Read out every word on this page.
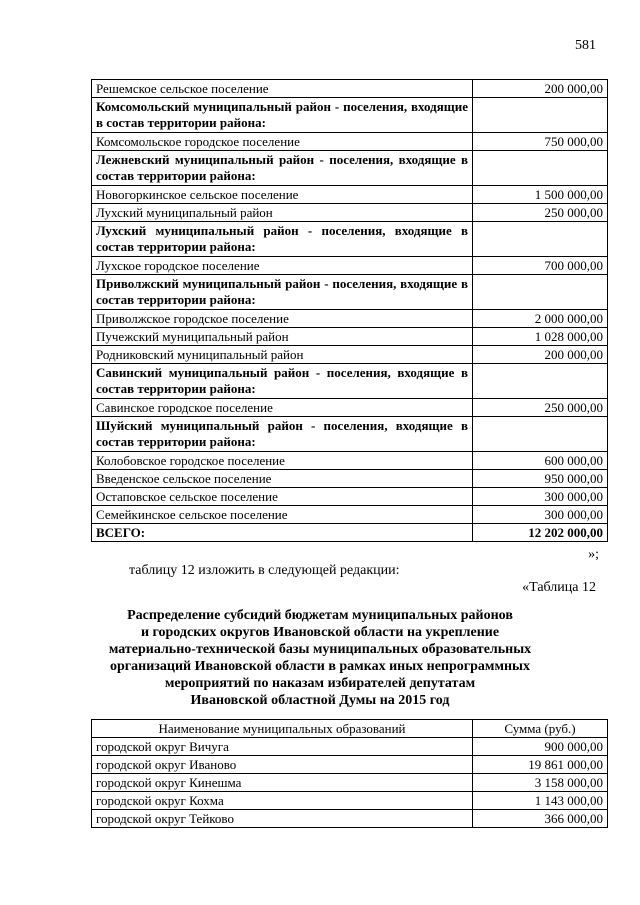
581
Решемское сельское поселение	200 000,00
Комсомольский муниципальный район - поселения, входящие в состав территории района:	
Комсомольское городское поселение	750 000,00
Лежневский муниципальный район - поселения, входящие в состав территории района:	
Новогоркинское сельское поселение	1 500 000,00
Лухский муниципальный район	250 000,00
Лухский муниципальный район - поселения, входящие в состав территории района:	
Лухское городское поселение	700 000,00
Приволжский муниципальный район - поселения, входящие в состав территории района:	
Приволжское городское поселение	2 000 000,00
Пучежский муниципальный район	1 028 000,00
Родниковский муниципальный район	200 000,00
Савинский муниципальный район - поселения, входящие в состав территории района:	
Савинское городское поселение	250 000,00
Шуйский муниципальный район - поселения, входящие в состав территории района:	
Колобовское городское поселение	600 000,00
Введенское сельское поселение	950 000,00
Остаповское сельское поселение	300 000,00
Семейкинское сельское поселение	300 000,00
ВСЕГО:	12 202 000,00
»;
таблицу 12 изложить в следующей редакции:
«Таблица 12
Распределение субсидий бюджетам муниципальных районов
и городских округов Ивановской области на укрепление
материально-технической базы муниципальных образовательных
организаций Ивановской области в рамках иных непрограммных
мероприятий по наказам избирателей депутатам
Ивановской областной Думы на 2015 год
Наименование муниципальных образований	Сумма (руб.)
городской округ Вичуга	900 000,00
городской округ Иваново	19 861 000,00
городской округ Кинешма	3 158 000,00
городской округ Кохма	1 143 000,00
городской округ Тейково	366 000,00
